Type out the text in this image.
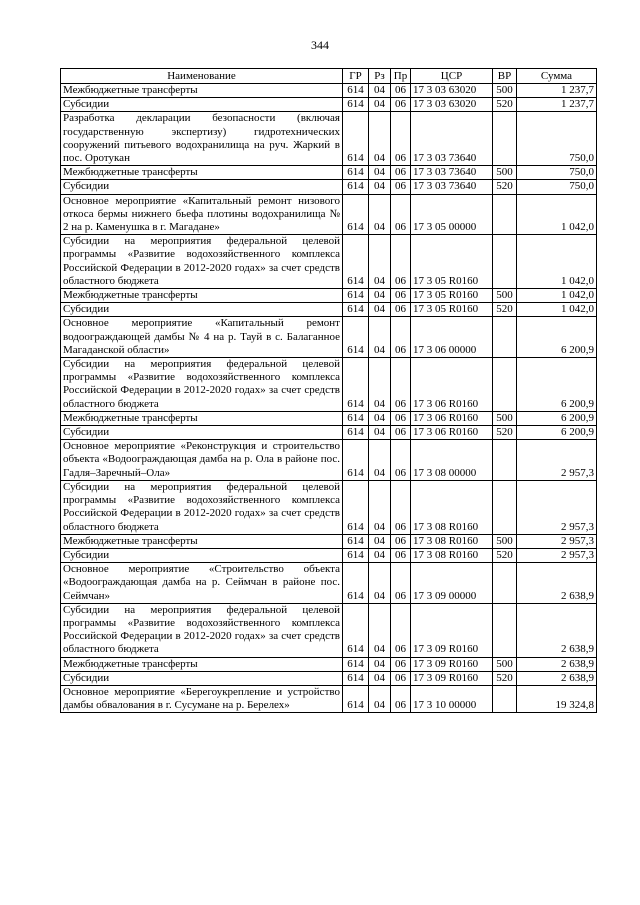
344
Наименование	ГР	Рз	Пр	ЦСР	ВР	Сумма
Межбюджетные трансферты	614	04	06	17 3 03 63020	500	1 237,7
Субсидии	614	04	06	17 3 03 63020	520	1 237,7
Разработка декларации безопасности (включая государственную экспертизу) гидротехнических сооружений питьевого водохранилища на руч. Жаркий в пос. Оротукан	614	04	06	17 3 03 73640		750,0
Межбюджетные трансферты	614	04	06	17 3 03 73640	500	750,0
Субсидии	614	04	06	17 3 03 73640	520	750,0
Основное мероприятие «Капитальный ремонт низового откоса бермы нижнего бьефа плотины водохранилища № 2 на р. Каменушка в г. Магадане»	614	04	06	17 3 05 00000		1 042,0
Субсидии на мероприятия федеральной целевой программы «Развитие водохозяйственного комплекса Российской Федерации в 2012-2020 годах» за счет средств областного бюджета	614	04	06	17 3 05 R0160		1 042,0
Межбюджетные трансферты	614	04	06	17 3 05 R0160	500	1 042,0
Субсидии	614	04	06	17 3 05 R0160	520	1 042,0
Основное мероприятие «Капитальный ремонт водоограждающей дамбы № 4 на р. Тауй в с. Балаганное Магаданской области»	614	04	06	17 3 06 00000		6 200,9
Субсидии на мероприятия федеральной целевой программы «Развитие водохозяйственного комплекса Российской Федерации в 2012-2020 годах» за счет средств областного бюджета	614	04	06	17 3 06 R0160		6 200,9
Межбюджетные трансферты	614	04	06	17 3 06 R0160	500	6 200,9
Субсидии	614	04	06	17 3 06 R0160	520	6 200,9
Основное мероприятие «Реконструкция и строительство объекта «Водоограждающая дамба на р. Ола в районе пос. Гадля–Заречный–Ола»	614	04	06	17 3 08 00000		2 957,3
Субсидии на мероприятия федеральной целевой программы «Развитие водохозяйственного комплекса Российской Федерации в 2012-2020 годах» за счет средств областного бюджета	614	04	06	17 3 08 R0160		2 957,3
Межбюджетные трансферты	614	04	06	17 3 08 R0160	500	2 957,3
Субсидии	614	04	06	17 3 08 R0160	520	2 957,3
Основное мероприятие «Строительство объекта «Водоограждающая дамба на р. Сеймчан в районе пос. Сеймчан»	614	04	06	17 3 09 00000		2 638,9
Субсидии на мероприятия федеральной целевой программы «Развитие водохозяйственного комплекса Российской Федерации в 2012-2020 годах» за счет средств областного бюджета	614	04	06	17 3 09 R0160		2 638,9
Межбюджетные трансферты	614	04	06	17 3 09 R0160	500	2 638,9
Субсидии	614	04	06	17 3 09 R0160	520	2 638,9
Основное мероприятие «Берегоукрепление и устройство дамбы обвалования в г. Сусумане на р. Берелех»	614	04	06	17 3 10 00000		19 324,8
